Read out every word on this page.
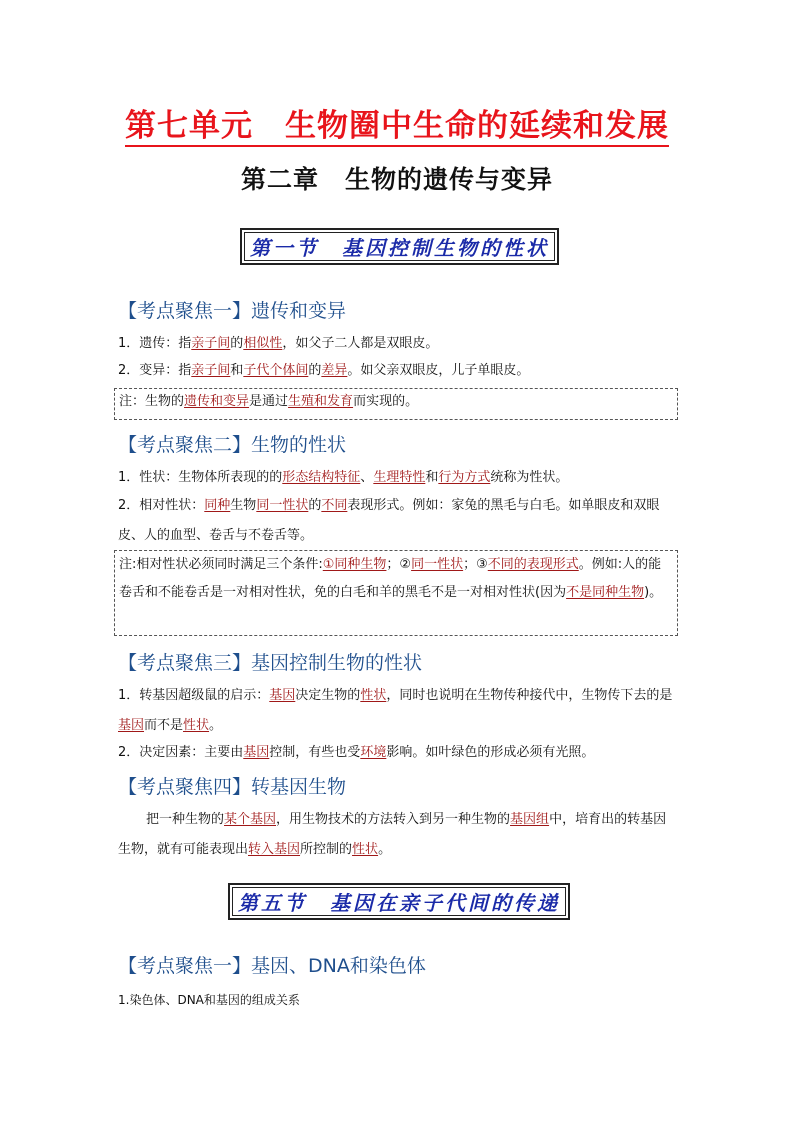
第七单元　生物圈中生命的延续和发展
第二章　生物的遗传与变异
第一节　基因控制生物的性状
【考点聚焦一】遗传和变异
1．遗传：指亲子间的相似性，如父子二人都是双眼皮。
2．变异：指亲子间和子代个体间的差异。如父亲双眼皮，儿子单眼皮。
注：生物的遗传和变异是通过生殖和发育而实现的。
【考点聚焦二】生物的性状
1．性状：生物体所表现的的形态结构特征、生理特性和行为方式统称为性状。
2．相对性状：同种生物同一性状的不同表现形式。例如：家兔的黑毛与白毛。如单眼皮和双眼皮、人的血型、卷舌与不卷舌等。
注:相对性状必须同时满足三个条件:①同种生物；②同一性状；③不同的表现形式。例如:人的能卷舌和不能卷舌是一对相对性状，免的白毛和羊的黑毛不是一对相对性状(因为不是同种生物)。
【考点聚焦三】基因控制生物的性状
1．转基因超级鼠的启示：基因决定生物的性状，同时也说明在生物传种接代中，生物传下去的是基因而不是性状。
2．决定因素：主要由基因控制，有些也受环境影响。如叶绿色的形成必须有光照。
【考点聚焦四】转基因生物
把一种生物的某个基因，用生物技术的方法转入到另一种生物的基因组中，培育出的转基因生物，就有可能表现出转入基因所控制的性状。
第五节　基因在亲子代间的传递
【考点聚焦一】基因、DNA和染色体
1.染色体、DNA和基因的组成关系
